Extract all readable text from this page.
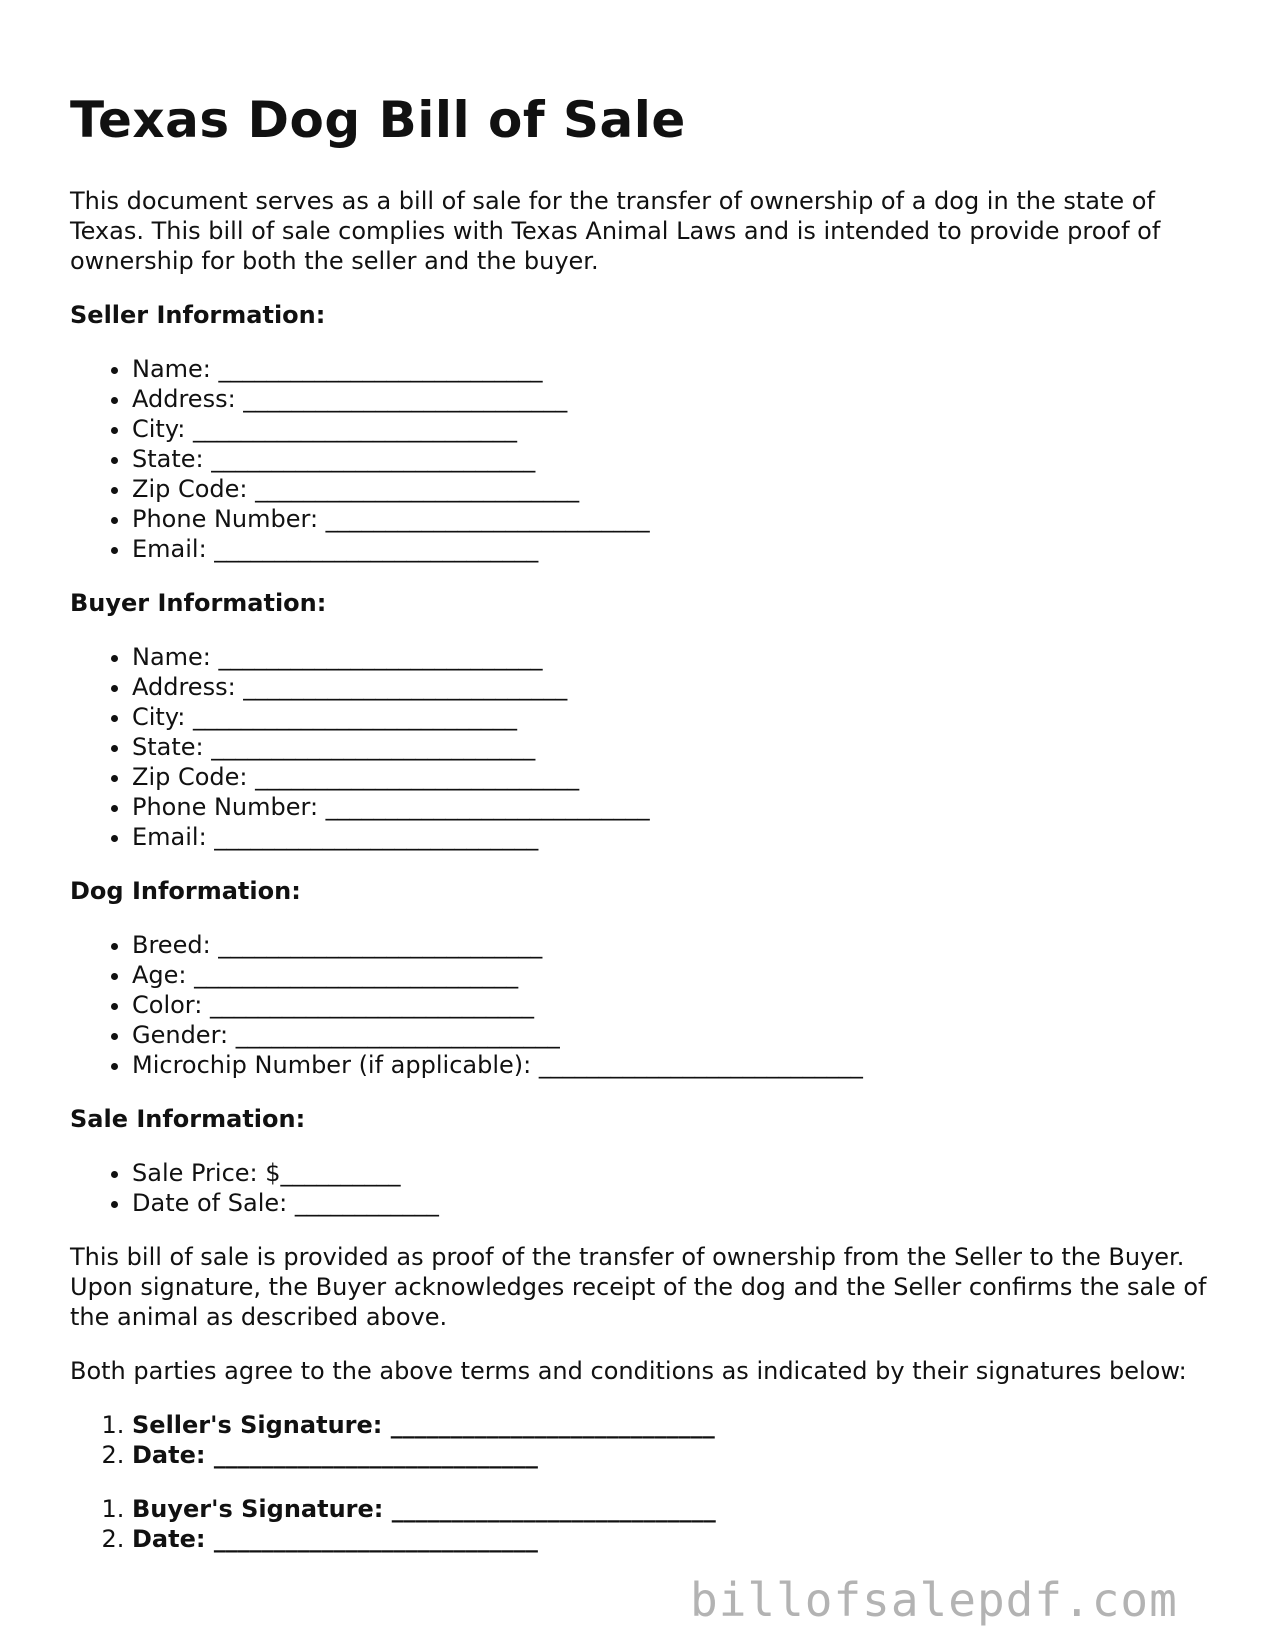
Texas Dog Bill of Sale

This document serves as a bill of sale for the transfer of ownership of a dog in the state of Texas. This bill of sale complies with Texas Animal Laws and is intended to provide proof of ownership for both the seller and the buyer.

Seller Information:
• Name: ___________________________
• Address: ___________________________
• City: ___________________________
• State: ___________________________
• Zip Code: ___________________________
• Phone Number: ___________________________
• Email: ___________________________
Buyer Information:
• Name: ___________________________
• Address: ___________________________
• City: ___________________________
• State: ___________________________
• Zip Code: ___________________________
• Phone Number: ___________________________
• Email: ___________________________
Dog Information:
• Breed: ___________________________
• Age: ___________________________
• Color: ___________________________
• Gender: ___________________________
• Microchip Number (if applicable): ___________________________
Sale Information:
• Sale Price: $__________
• Date of Sale: ____________

This bill of sale is provided as proof of the transfer of ownership from the Seller to the Buyer. Upon signature, the Buyer acknowledges receipt of the dog and the Seller confirms the sale of the animal as described above.

Both parties agree to the above terms and conditions as indicated by their signatures below:

1. Seller's Signature: ___________________________
2. Date: ___________________________
1. Buyer's Signature: ___________________________
2. Date: ___________________________
billofsalepdf.com
